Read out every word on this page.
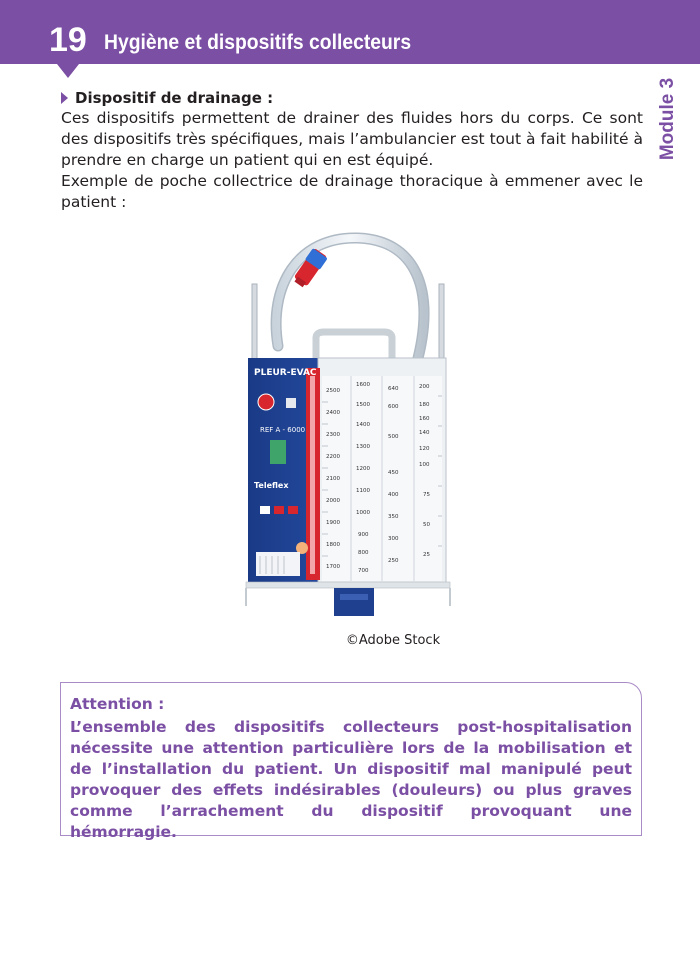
19 Hygiène et dispositifs collecteurs
Module 3
Dispositif de drainage :

Ces dispositifs permettent de drainer des fluides hors du corps. Ce sont des dispositifs très spécifiques, mais l’ambulancier est tout à fait habilité à prendre en charge un patient qui en est équipé.

Exemple de poche collectrice de drainage thoracique à emmener avec le patient :

PLEUR-EVAC
REF A - 6000
Teleflex
2500
2400
2300
2200
2100
2000
1900
1800
1700
1600
1500
1400
1300
1200
1100
1000
900
800
700
640
600
500
450
400
350
300
250
200
180
160
140
120
100
75
50
25
©Adobe Stock
Attention :

L’ensemble des dispositifs collecteurs post-hospitalisation nécessite une attention particulière lors de la mobilisation et de l’installation du patient. Un dispositif mal manipulé peut provoquer des effets indésirables (douleurs) ou plus graves comme l’arrachement du dispositif provoquant une hémorragie.
